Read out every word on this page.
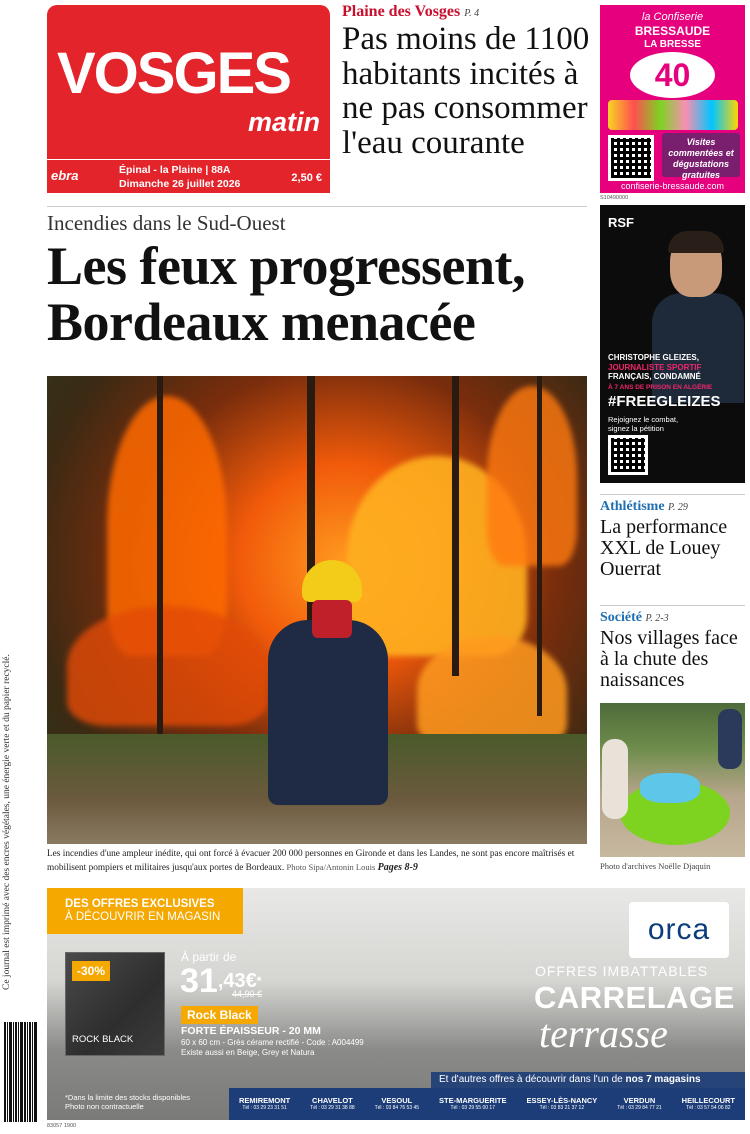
Ce journal est imprimé avec des encres végétales, une énergie verte et du papier recyclé.
VOSGES
matin
ebra	Épinal - la Plaine | 88A
Dimanche 26 juillet 2026	2,50 €
Plaine des Vosges P. 4
Pas moins de 1100 habitants incités à ne pas consommer l'eau courante
la Confiserie
BRESSAUDE
LA BRESSE
40
Visites commentées et dégustations gratuites
confiserie-bressaude.com
S10490000
Incendies dans le Sud-Ouest
Les feux progressent, Bordeaux menacée
Les incendies d'une ampleur inédite, qui ont forcé à évacuer 200 000 personnes en Gironde et dans les Landes, ne sont pas encore maîtrisés et mobilisent pompiers et militaires jusqu'aux portes de Bordeaux. Photo Sipa/Antonin Louis Pages 8-9
RSF
CHRISTOPHE GLEIZES,
JOURNALISTE SPORTIF
FRANÇAIS, CONDAMNÉ
À 7 ANS DE PRISON EN ALGÉRIE
#FREEGLEIZES
Rejoignez le combat,
signez la pétition
Athlétisme P. 29
La performance XXL de Louey Ouerrat
Société P. 2-3
Nos villages face à la chute des naissances
Photo d'archives Noëlle Djaquin
DES OFFRES EXCLUSIVES
À DÉCOUVRIR EN MAGASIN	orca
OFFRES IMBATTABLES
CARRELAGE
terrasse
-30%
ROCK BLACK
À partir de
$31^{,43€*}$
44,90 €
Rock Black
FORTE ÉPAISSEUR - 20 MM
60 x 60 cm - Grès cérame rectifié - Code : A004499
Existe aussi en Beige, Grey et Natura
*Dans la limite des stocks disponibles
Photo non contractuelle
Et d'autres offres à découvrir dans l'un de nos 7 magasins
REMIREMONT
Tél : 03 29 23 31 51
CHAVELOT
Tél : 03 29 31 38 88
VESOUL
Tél : 03 84 76 53 45
STE-MARGUERITE
Tél : 03 29 55 00 17
ESSEY-LÈS-NANCY
Tél : 03 83 21 37 12
VERDUN
Tél : 03 29 84 77 21
HEILLECOURT
Tél : 03 57 54 06 82
83057 1900
